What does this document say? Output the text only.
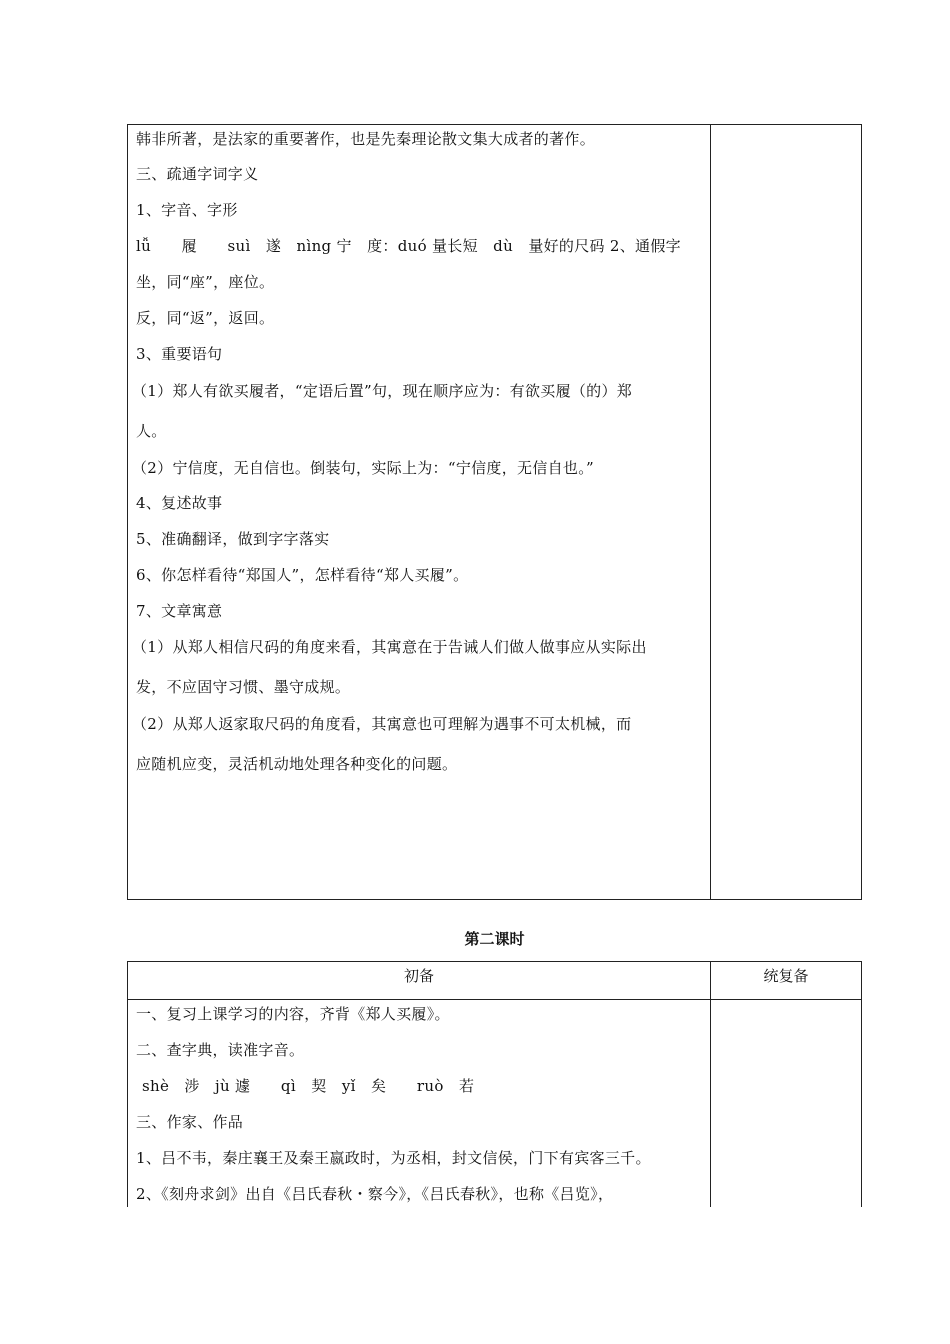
韩非所著，是法家的重要著作，也是先秦理论散文集大成者的著作。
三、疏通字词字义
1、字音、字形
lǚ　　履　　suì　遂　nìng 宁　度：duó 量长短　dù　量好的尺码 2、通假字
坐，同“座”，座位。
反，同“返”，返回。
3、重要语句
（1）郑人有欲买履者，“定语后置”句，现在顺序应为：有欲买履（的）郑
人。
（2）宁信度，无自信也。倒装句，实际上为：“宁信度，无信自也。”
4、复述故事
5、准确翻译，做到字字落实
6、你怎样看待“郑国人”，怎样看待“郑人买履”。
7、文章寓意
（1）从郑人相信尺码的角度来看，其寓意在于告诫人们做人做事应从实际出
发，不应固守习惯、墨守成规。
（2）从郑人返家取尺码的角度看，其寓意也可理解为遇事不可太机械，而
应随机应变，灵活机动地处理各种变化的问题。
第二课时
初备	统复备
一、复习上课学习的内容，齐背《郑人买履》。
二、查字典，读准字音。
shè　涉　jù 遽　　qì　契　yǐ　矣　　ruò　若
三、作家、作品
1、吕不韦，秦庄襄王及秦王嬴政时，为丞相，封文信侯，门下有宾客三千。
2、《刻舟求剑》出自《吕氏春秋・察今》，《吕氏春秋》，也称《吕览》，
